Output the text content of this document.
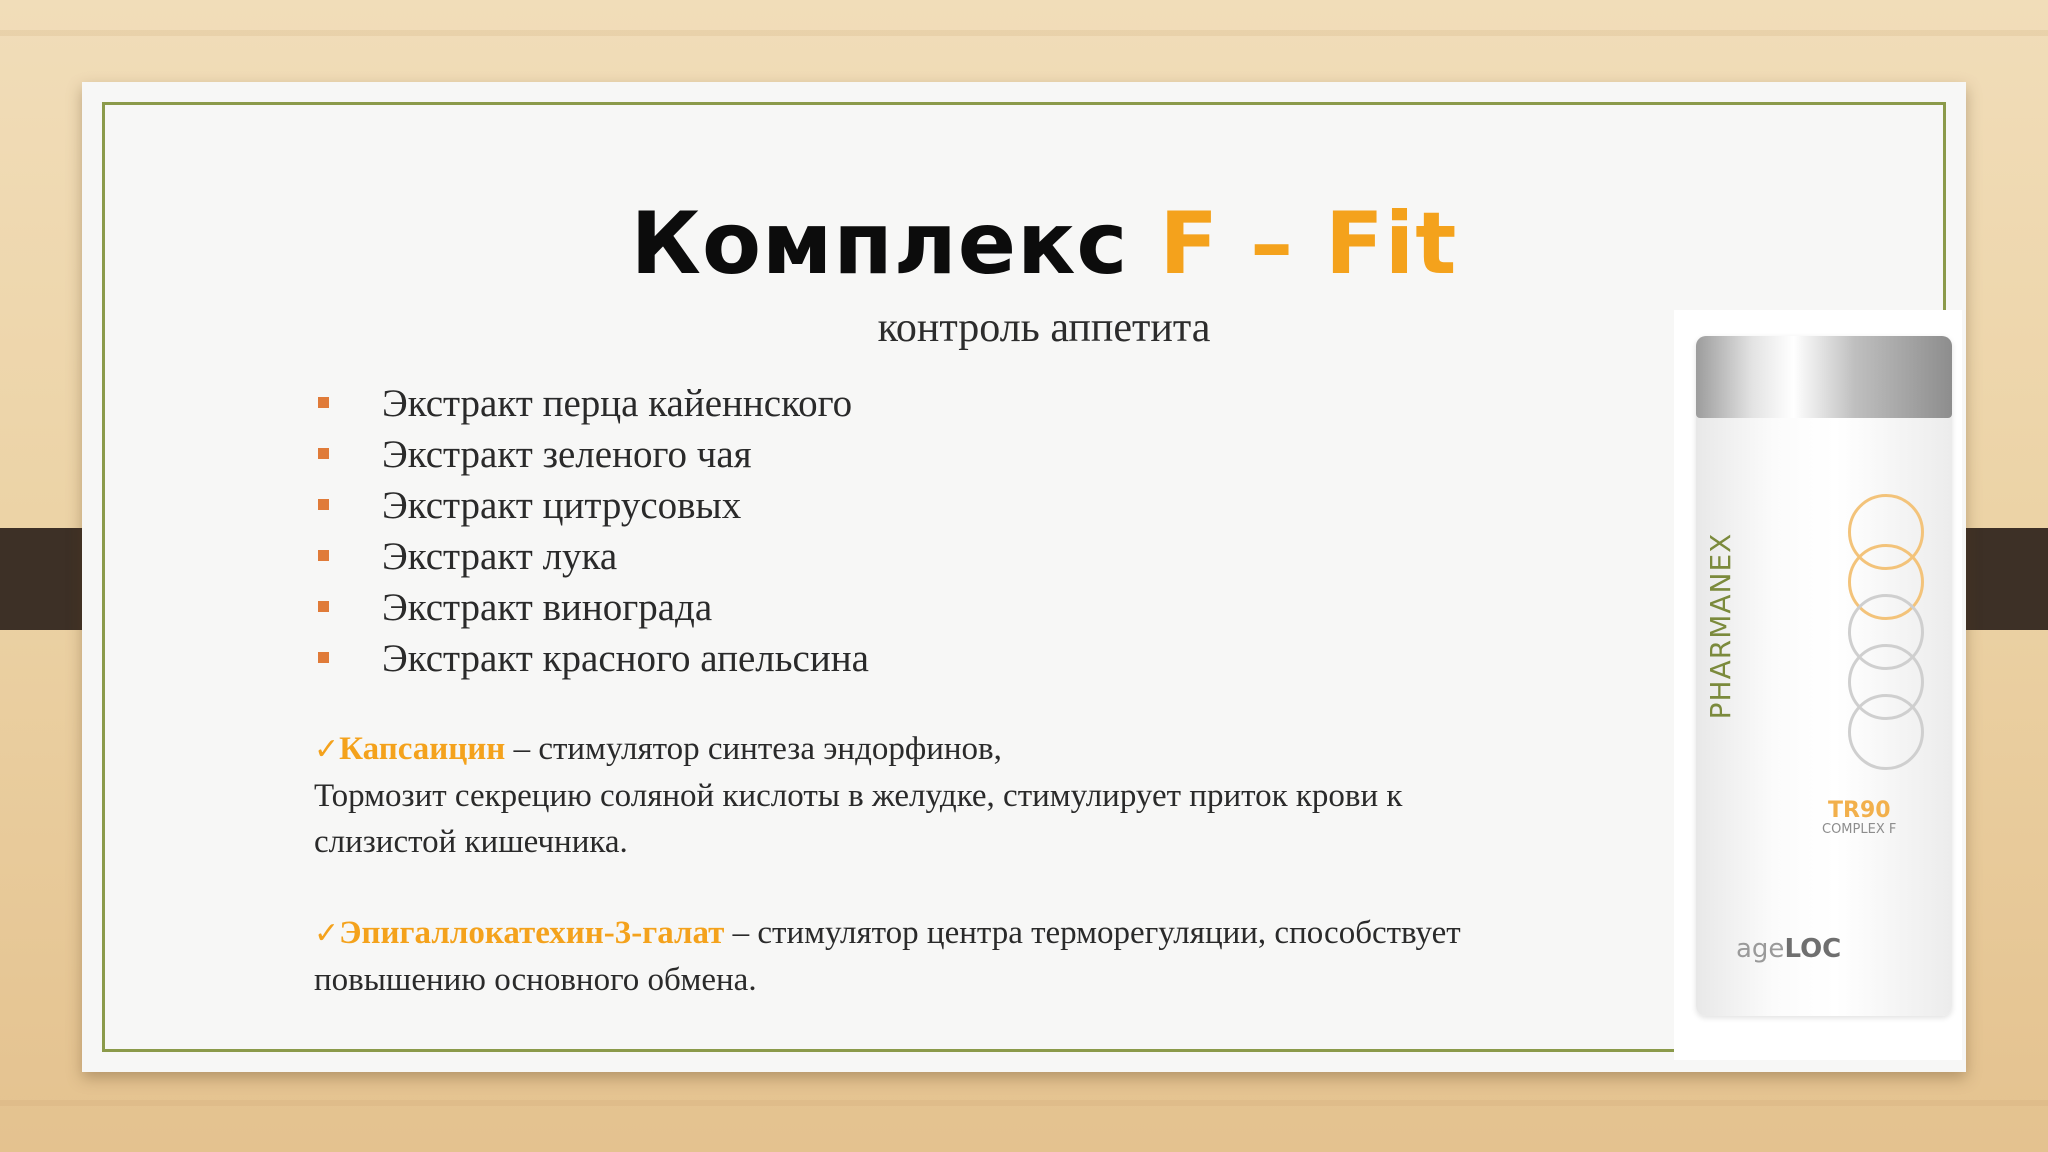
Комплекс F – Fit
контроль аппетита
Экстракт перца кайеннского
Экстракт зеленого чая
Экстракт цитрусовых
Экстракт лука
Экстракт винограда
Экстракт красного апельсина
✓Капсаицин – стимулятор синтеза эндорфинов,
Тормозит секрецию соляной кислоты в желудке, стимулирует приток крови к
слизистой кишечника.
✓Эпигаллокатехин-3-галат – стимулятор центра терморегуляции, способствует
повышению основного обмена.
PHARMANEX
TR90
COMPLEX F
ageLOC
